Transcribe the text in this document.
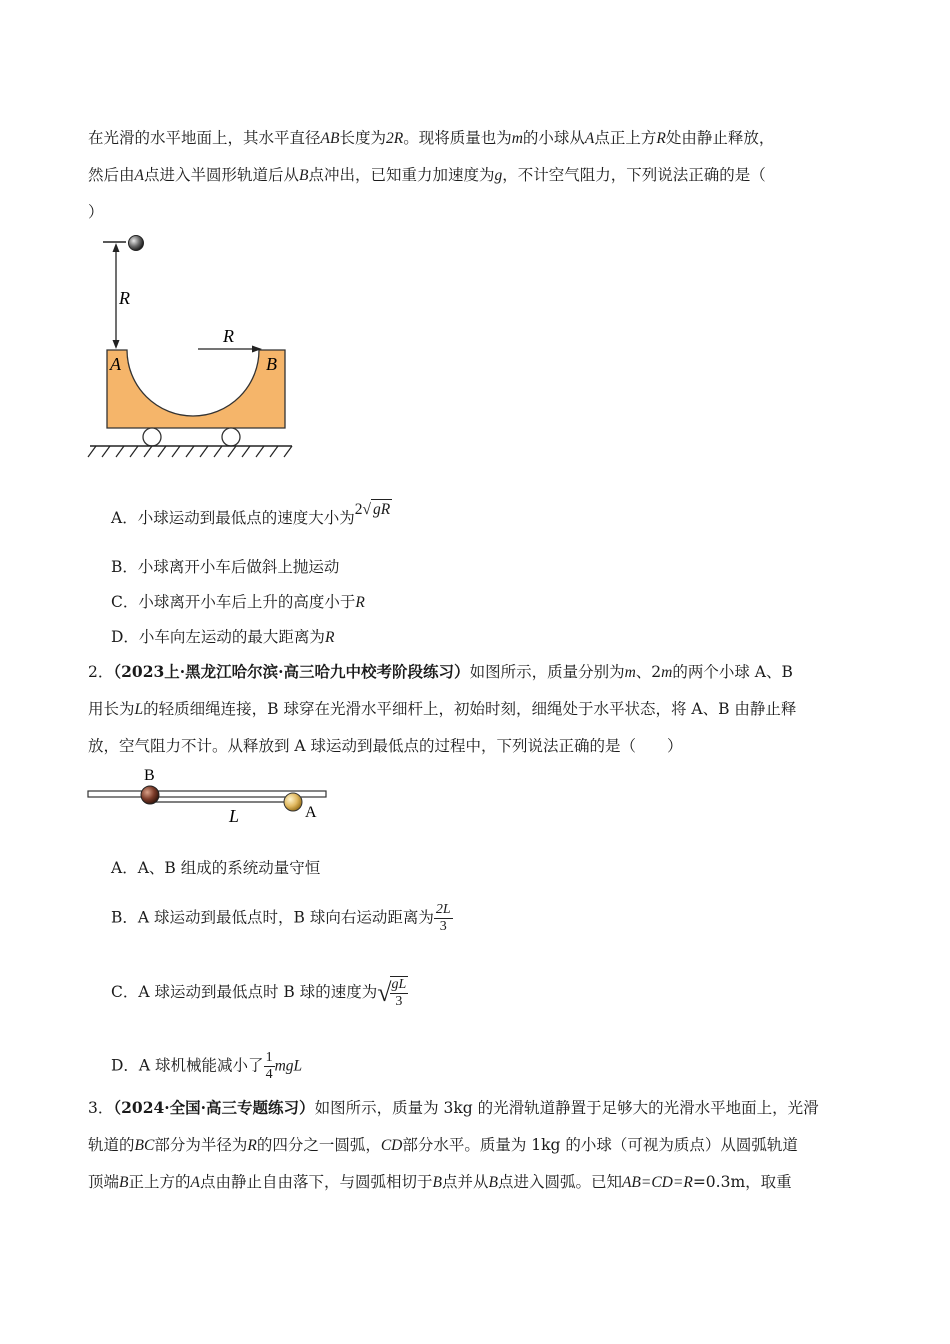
在光滑的水平地面上，其水平直径AB长度为2R。现将质量也为m的小球从A点正上方R处由静止释放，
然后由A点进入半圆形轨道后从B点冲出，已知重力加速度为g，不计空气阻力，下列说法正确的是（
）
R
A	B
R
A．小球运动到最低点的速度大小为2√ gR
B．小球离开小车后做斜上抛运动
C．小球离开小车后上升的高度小于R
D．小车向左运动的最大距离为R
2．（2023上·黑龙江哈尔滨·高三哈九中校考阶段练习）如图所示，质量分别为m、2m的两个小球 A、B
用长为L的轻质细绳连接，B 球穿在光滑水平细杆上，初始时刻，细绳处于水平状态，将 A、B 由静止释
放，空气阻力不计。从释放到 A 球运动到最低点的过程中，下列说法正确的是（　　）
B
A
L
A．A、B 组成的系统动量守恒
B．A 球运动到最低点时，B 球向右运动距离为 $\frac{2L}{3}$
C．A 球运动到最低点时 B 球的速度为√
$\frac{gL}{3}$
D．A 球机械能减小了 $\frac{1}{4}$ mgL
3．（2024·全国·高三专题练习）如图所示，质量为 3kg 的光滑轨道静置于足够大的光滑水平地面上，光滑
轨道的BC部分为半径为R的四分之一圆弧，CD部分水平。质量为 1kg 的小球（可视为质点）从圆弧轨道
顶端B正上方的A点由静止自由落下，与圆弧相切于B点并从B点进入圆弧。已知AB=CD=R=0.3m，取重
